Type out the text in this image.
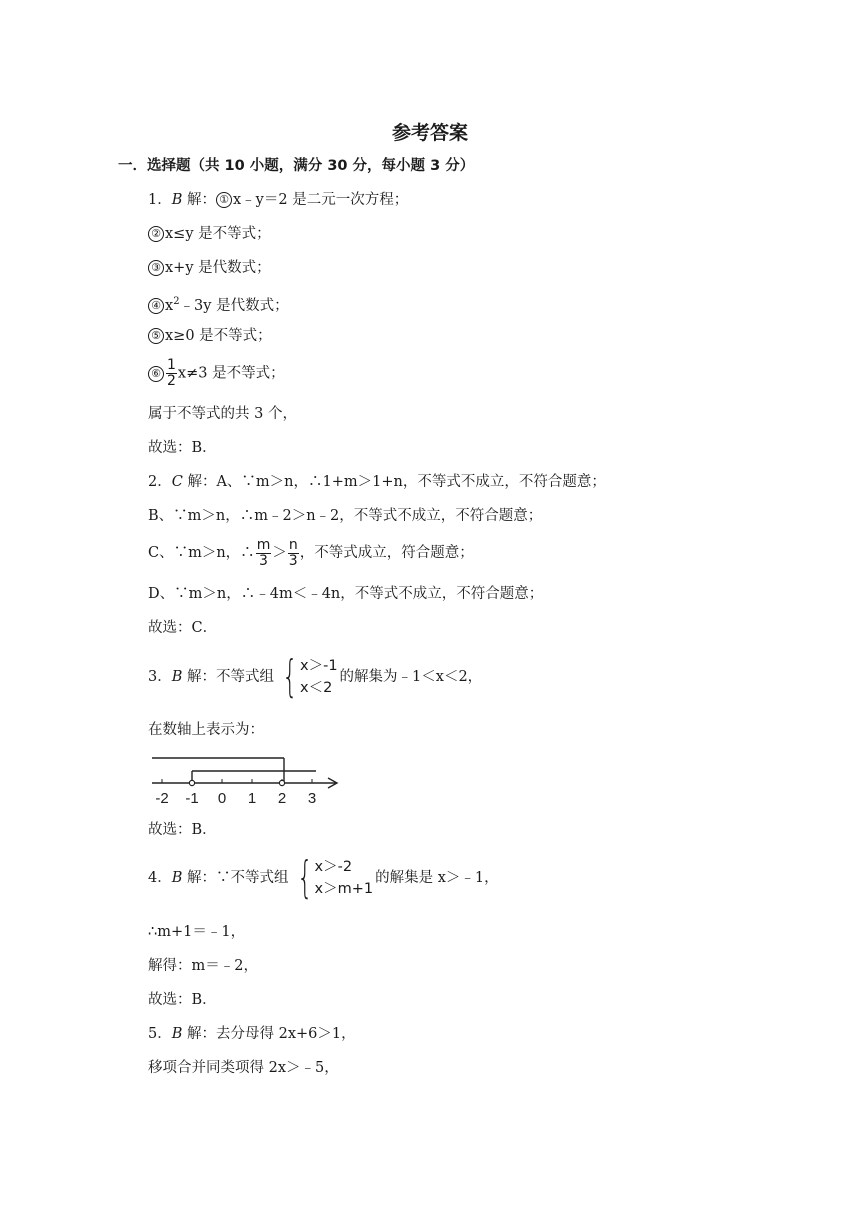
参考答案
一．选择题（共 10 小题，满分 30 分，每小题 3 分）
1．B 解： ① x﹣y＝2 是二元一次方程；
② x≤y 是不等式；
③ x+y 是代数式；
④ $x^2﹣3y$ 是代数式；
⑤ x≥0 是不等式；
⑥ $\frac{1}{2} x\ne 3$ 是不等式；
属于不等式的共 3 个，
故选：B．
2．C 解：A、∵m＞n，∴1+m＞1+n，不等式不成立，不符合题意；
B、∵m＞n，∴m﹣2＞n﹣2，不等式不成立，不符合题意；
C、∵m＞n，∴ $\frac{m}{3} > \frac{n}{3}$ ，不等式成立，符合题意；
D、∵m＞n，∴﹣4m＜﹣4n，不等式不成立，不符合题意；
故选：C．
3．B 解：不等式组 { x＞-1
x＜2
的解集为﹣1＜x＜2，
在数轴上表示为：
-2 -1 0 1 2 3
故选：B．
4．B 解：∵不等式组 { x＞-2
x＞m+1
的解集是 x＞﹣1，
∴m+1＝﹣1，
解得：m＝﹣2，
故选：B．
5．B 解：去分母得 2x+6＞1，
移项合并同类项得 2x＞﹣5，
